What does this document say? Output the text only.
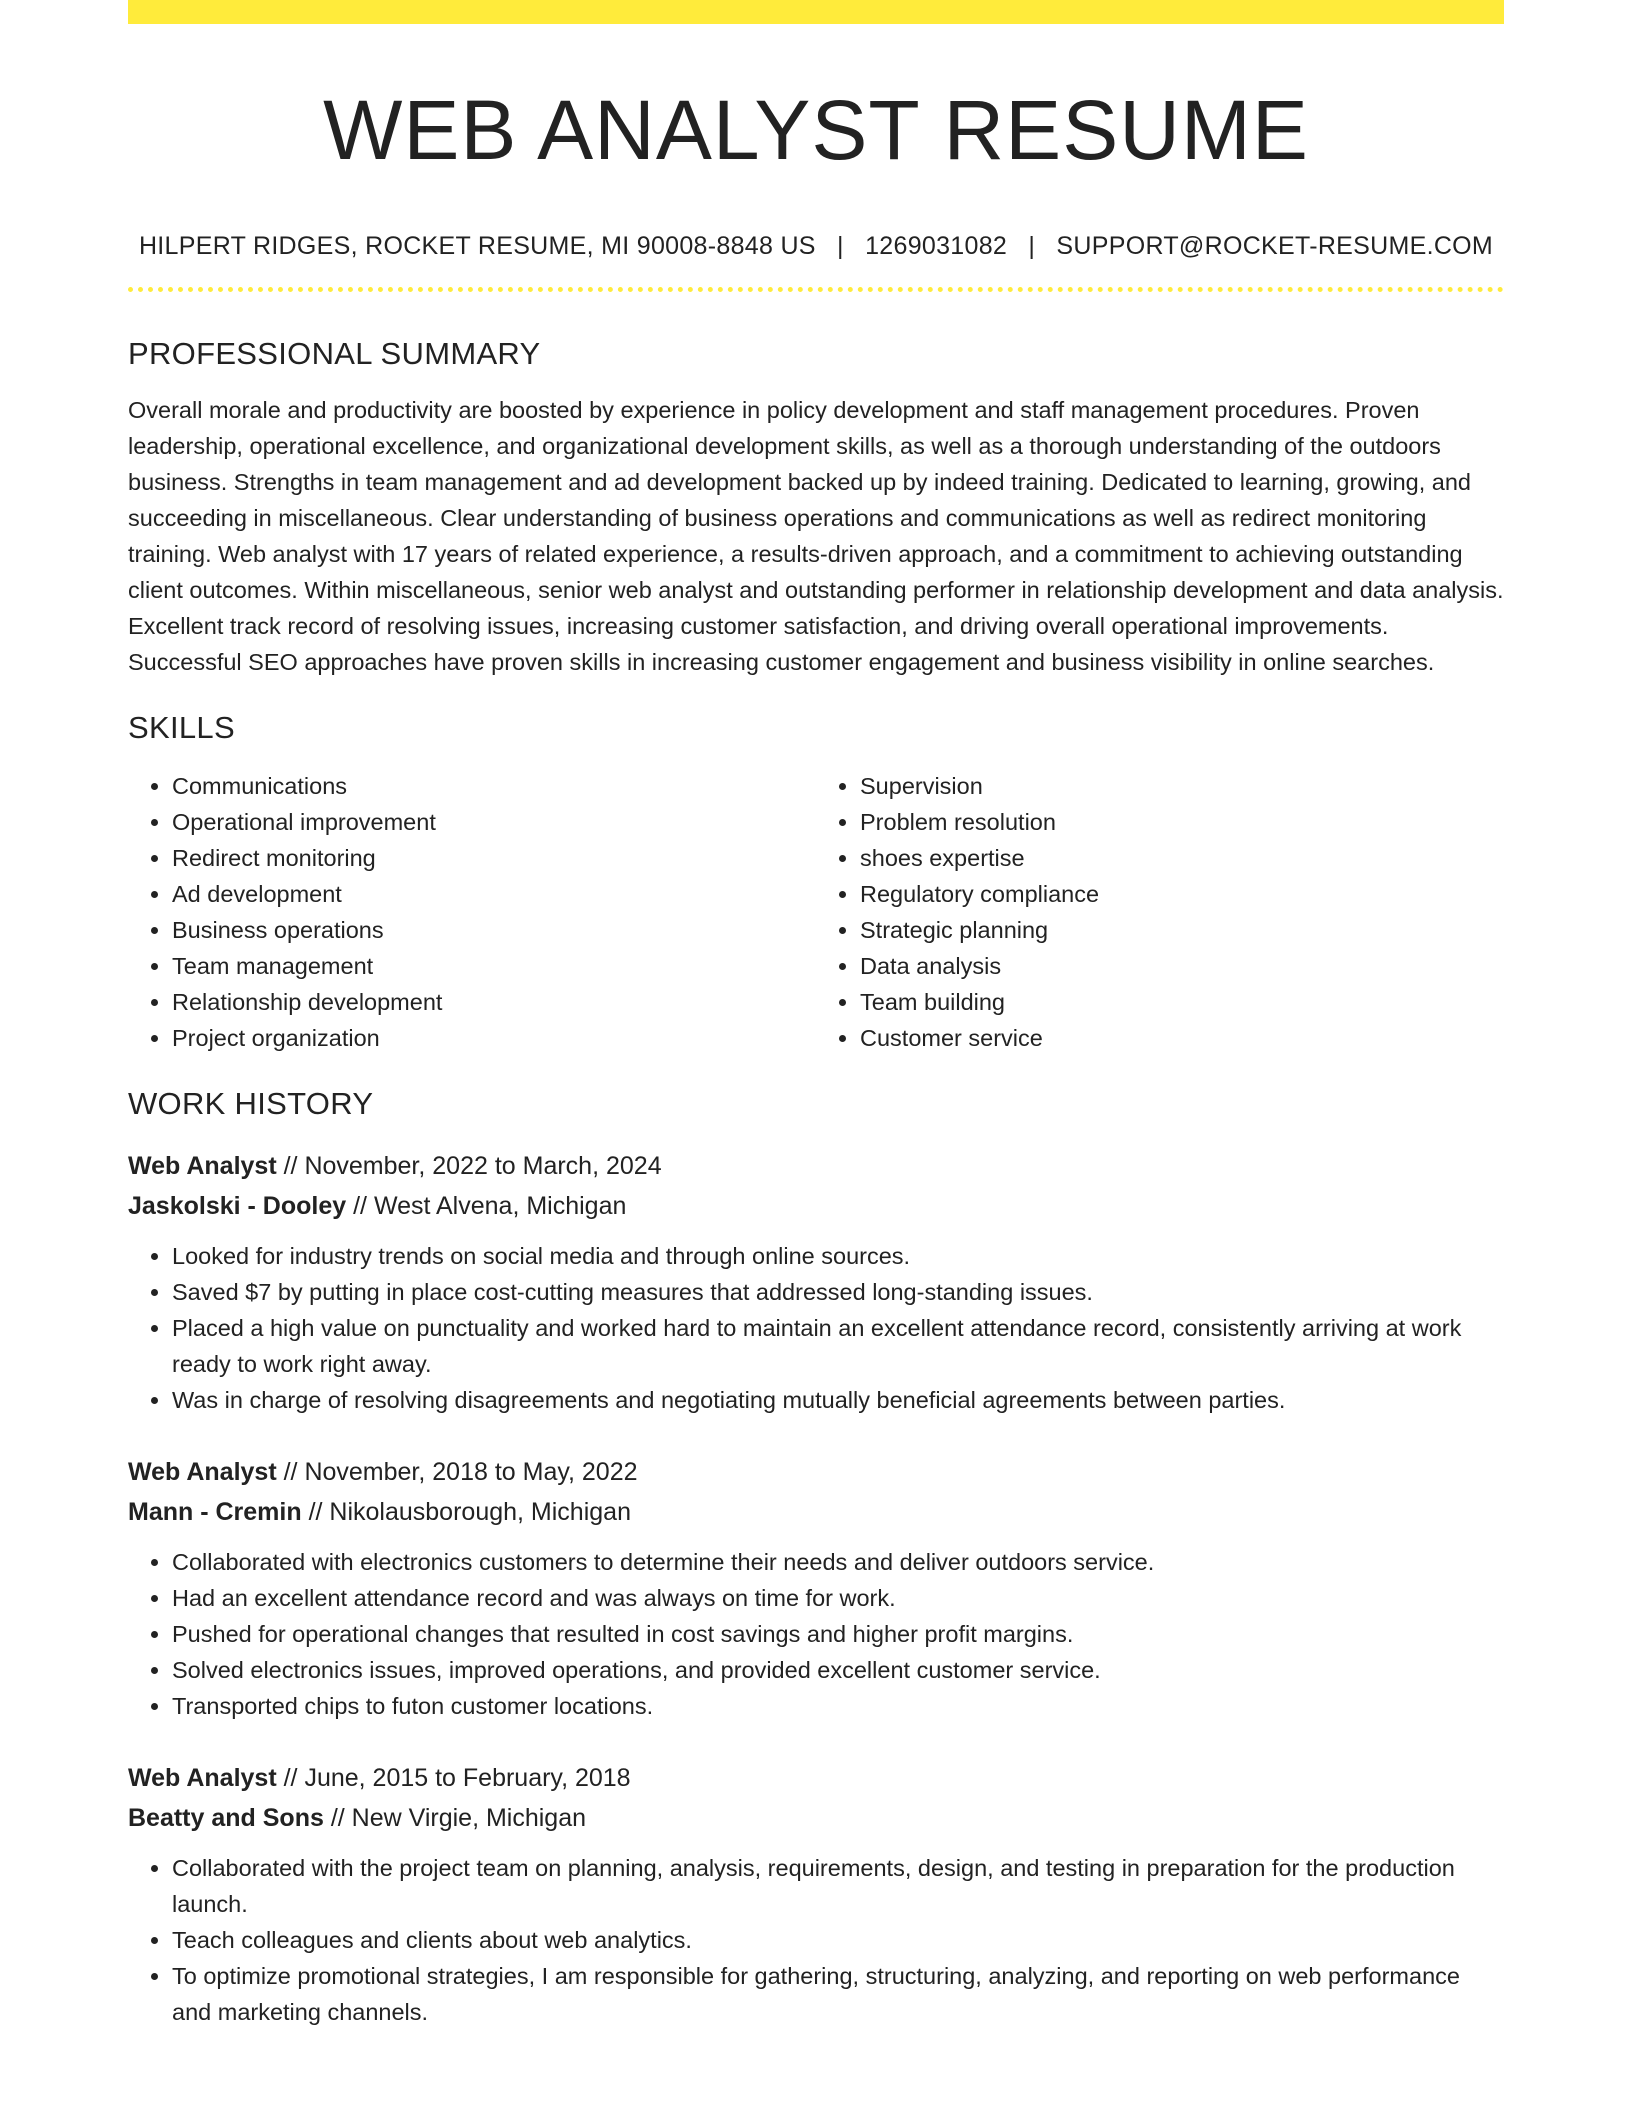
WEB ANALYST RESUME
HILPERT RIDGES, ROCKET RESUME, MI 90008-8848 US | 1269031082 | SUPPORT@ROCKET-RESUME.COM
PROFESSIONAL SUMMARY

Overall morale and productivity are boosted by experience in policy development and staff management procedures. Proven leadership, operational excellence, and organizational development skills, as well as a thorough understanding of the outdoors business. Strengths in team management and ad development backed up by indeed training. Dedicated to learning, growing, and succeeding in miscellaneous. Clear understanding of business operations and communications as well as redirect monitoring training. Web analyst with 17 years of related experience, a results-driven approach, and a commitment to achieving outstanding client outcomes. Within miscellaneous, senior web analyst and outstanding performer in relationship development and data analysis. Excellent track record of resolving issues, increasing customer satisfaction, and driving overall operational improvements. Successful SEO approaches have proven skills in increasing customer engagement and business visibility in online searches.

SKILLS
• Communications
• Operational improvement
• Redirect monitoring
• Ad development
• Business operations
• Team management
• Relationship development
• Project organization
• Supervision
• Problem resolution
• shoes expertise
• Regulatory compliance
• Strategic planning
• Data analysis
• Team building
• Customer service
WORK HISTORY
Web Analyst // November, 2022 to March, 2024
Jaskolski - Dooley // West Alvena, Michigan
• Looked for industry trends on social media and through online sources.
• Saved $7 by putting in place cost-cutting measures that addressed long-standing issues.
• Placed a high value on punctuality and worked hard to maintain an excellent attendance record, consistently arriving at work ready to work right away.
• Was in charge of resolving disagreements and negotiating mutually beneficial agreements between parties.
Web Analyst // November, 2018 to May, 2022
Mann - Cremin // Nikolausborough, Michigan
• Collaborated with electronics customers to determine their needs and deliver outdoors service.
• Had an excellent attendance record and was always on time for work.
• Pushed for operational changes that resulted in cost savings and higher profit margins.
• Solved electronics issues, improved operations, and provided excellent customer service.
• Transported chips to futon customer locations.
Web Analyst // June, 2015 to February, 2018
Beatty and Sons // New Virgie, Michigan
• Collaborated with the project team on planning, analysis, requirements, design, and testing in preparation for the production launch.
• Teach colleagues and clients about web analytics.
• To optimize promotional strategies, I am responsible for gathering, structuring, analyzing, and reporting on web performance and marketing channels.
